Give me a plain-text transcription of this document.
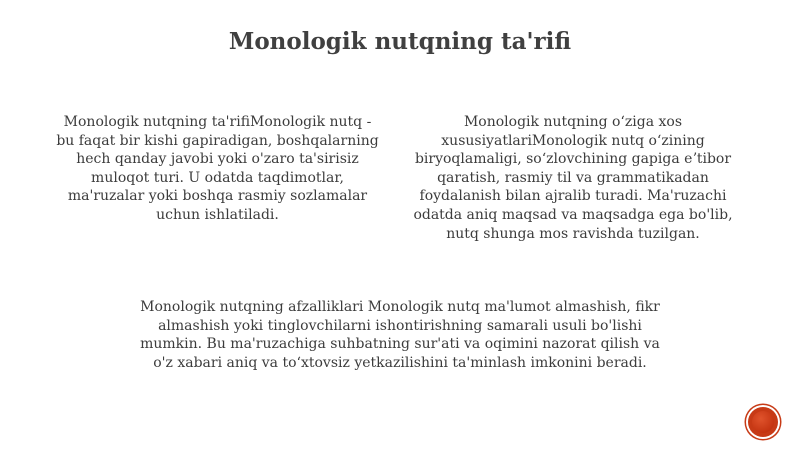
Monologik nutqning ta'rifi

Monologik nutqning ta'rifiMonologik nutq - bu faqat bir kishi gapiradigan, boshqalarning hech qanday javobi yoki o'zaro ta'sirisiz muloqot turi. U odatda taqdimotlar, ma'ruzalar yoki boshqa rasmiy sozlamalar uchun ishlatiladi.

Monologik nutqning oʻziga xos xususiyatlariMonologik nutq oʻzining biryoqlamaligi, soʻzlovchining gapiga eʼtibor qaratish, rasmiy til va grammatikadan foydalanish bilan ajralib turadi. Ma'ruzachi odatda aniq maqsad va maqsadga ega bo'lib, nutq shunga mos ravishda tuzilgan.

Monologik nutqning afzalliklari Monologik nutq ma'lumot almashish, fikr almashish yoki tinglovchilarni ishontirishning samarali usuli bo'lishi mumkin. Bu ma'ruzachiga suhbatning sur'ati va oqimini nazorat qilish va o'z xabari aniq va toʻxtovsiz yetkazilishini ta'minlash imkonini beradi.
